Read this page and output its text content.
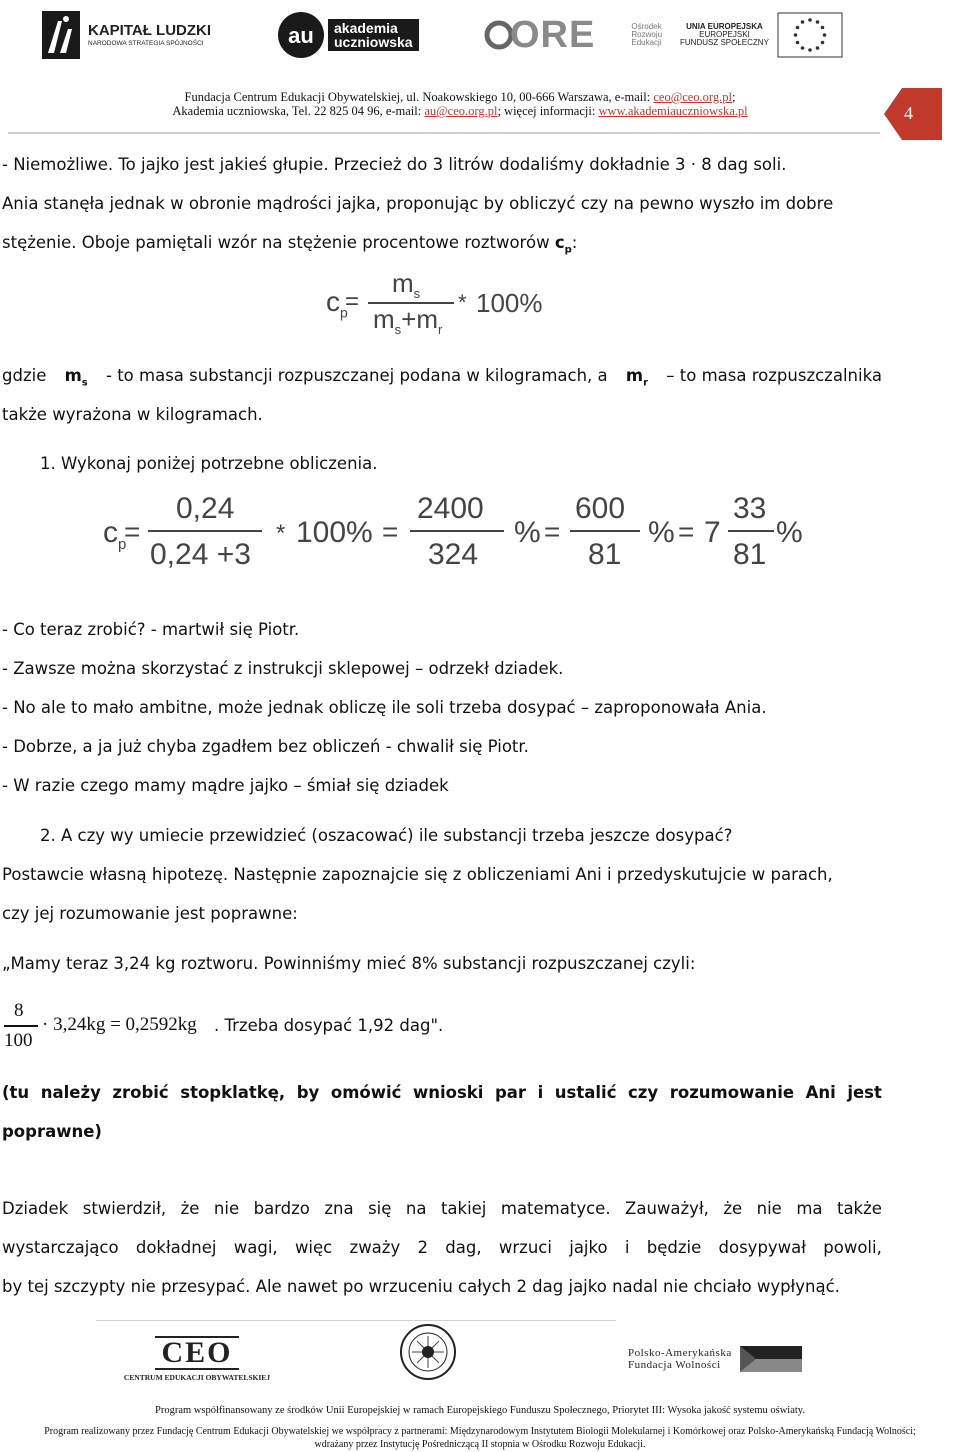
KAPITAŁ LUDZKI
NARODOWA STRATEGIA SPÓJNOŚCI	au akademia
uczniowska	ORE	Ośrodek
Rozwoju
Edukacji
UNIA EUROPEJSKA
EUROPEJSKI
FUNDUSZ SPOŁECZNY
Fundacja Centrum Edukacji Obywatelskiej, ul. Noakowskiego 10, 00-666 Warszawa, e-mail: ceo@ceo.org.pl;
Akademia uczniowska, Tel. 22 825 04 96, e-mail: au@ceo.org.pl; więcej informacji: www.akademiauczniowska.pl	4
- Niemożliwe. To jajko jest jakieś głupie. Przecież do 3 litrów dodaliśmy dokładnie 3 · 8 dag soli.
Ania stanęła jednak w obronie mądrości jajka, proponując by obliczyć czy na pewno wyszło im dobre
stężenie. Oboje pamiętali wzór na stężenie procentowe roztworów $c_p$:
$c_p$
=
$m_s$
$m_s+m_r$
* 100%
gdzie $m_s$ - to masa substancji rozpuszczanej podana w kilogramach, a $m_r$ – to masa rozpuszczalnika
także wyrażona w kilogramach.
1. Wykonaj poniżej potrzebne obliczenia.
$c_p$
=
0,24
0,24 +3
* 100% =
2400
324
% =
600
81
% = 7
33
81
%
- Co teraz zrobić? - martwił się Piotr.
- Zawsze można skorzystać z instrukcji sklepowej – odrzekł dziadek.
- No ale to mało ambitne, może jednak obliczę ile soli trzeba dosypać – zaproponowała Ania.
- Dobrze, a ja już chyba zgadłem bez obliczeń - chwalił się Piotr.
- W razie czego mamy mądre jajko – śmiał się dziadek
2. A czy wy umiecie przewidzieć (oszacować) ile substancji trzeba jeszcze dosypać?
Postawcie własną hipotezę. Następnie zapoznajcie się z obliczeniami Ani i przedyskutujcie w parach,
czy jej rozumowanie jest poprawne:
„Mamy teraz 3,24 kg roztworu. Powinniśmy mieć 8% substancji rozpuszczanej czyli:
8
100
· 3,24kg = 0,2592kg . Trzeba dosypać 1,92 dag".
(tu należy zrobić stopklatkę, by omówić wnioski par i ustalić czy rozumowanie Ani jest
poprawne)
Dziadek stwierdził, że nie bardzo zna się na takiej matematyce. Zauważył, że nie ma także
wystarczająco dokładnej wagi, więc zważy 2 dag, wrzuci jajko i będzie dosypywał powoli,
by tej szczypty nie przesypać. Ale nawet po wrzuceniu całych 2 dag jajko nadal nie chciało wypłynąć.
CEO
CENTRUM EDUKACJI OBYWATELSKIEJ
Polsko-Amerykańska
Fundacja Wolności
Program współfinansowany ze środków Unii Europejskiej w ramach Europejskiego Funduszu Społecznego, Priorytet III: Wysoka jakość systemu oświaty.
Program realizowany przez Fundację Centrum Edukacji Obywatelskiej we współpracy z partnerami: Międzynarodowym Instytutem Biologii Molekularnej i Komórkowej oraz Polsko-Amerykańską Fundacją Wolności;
wdrażany przez Instytucję Pośredniczącą II stopnia w Ośrodku Rozwoju Edukacji.
